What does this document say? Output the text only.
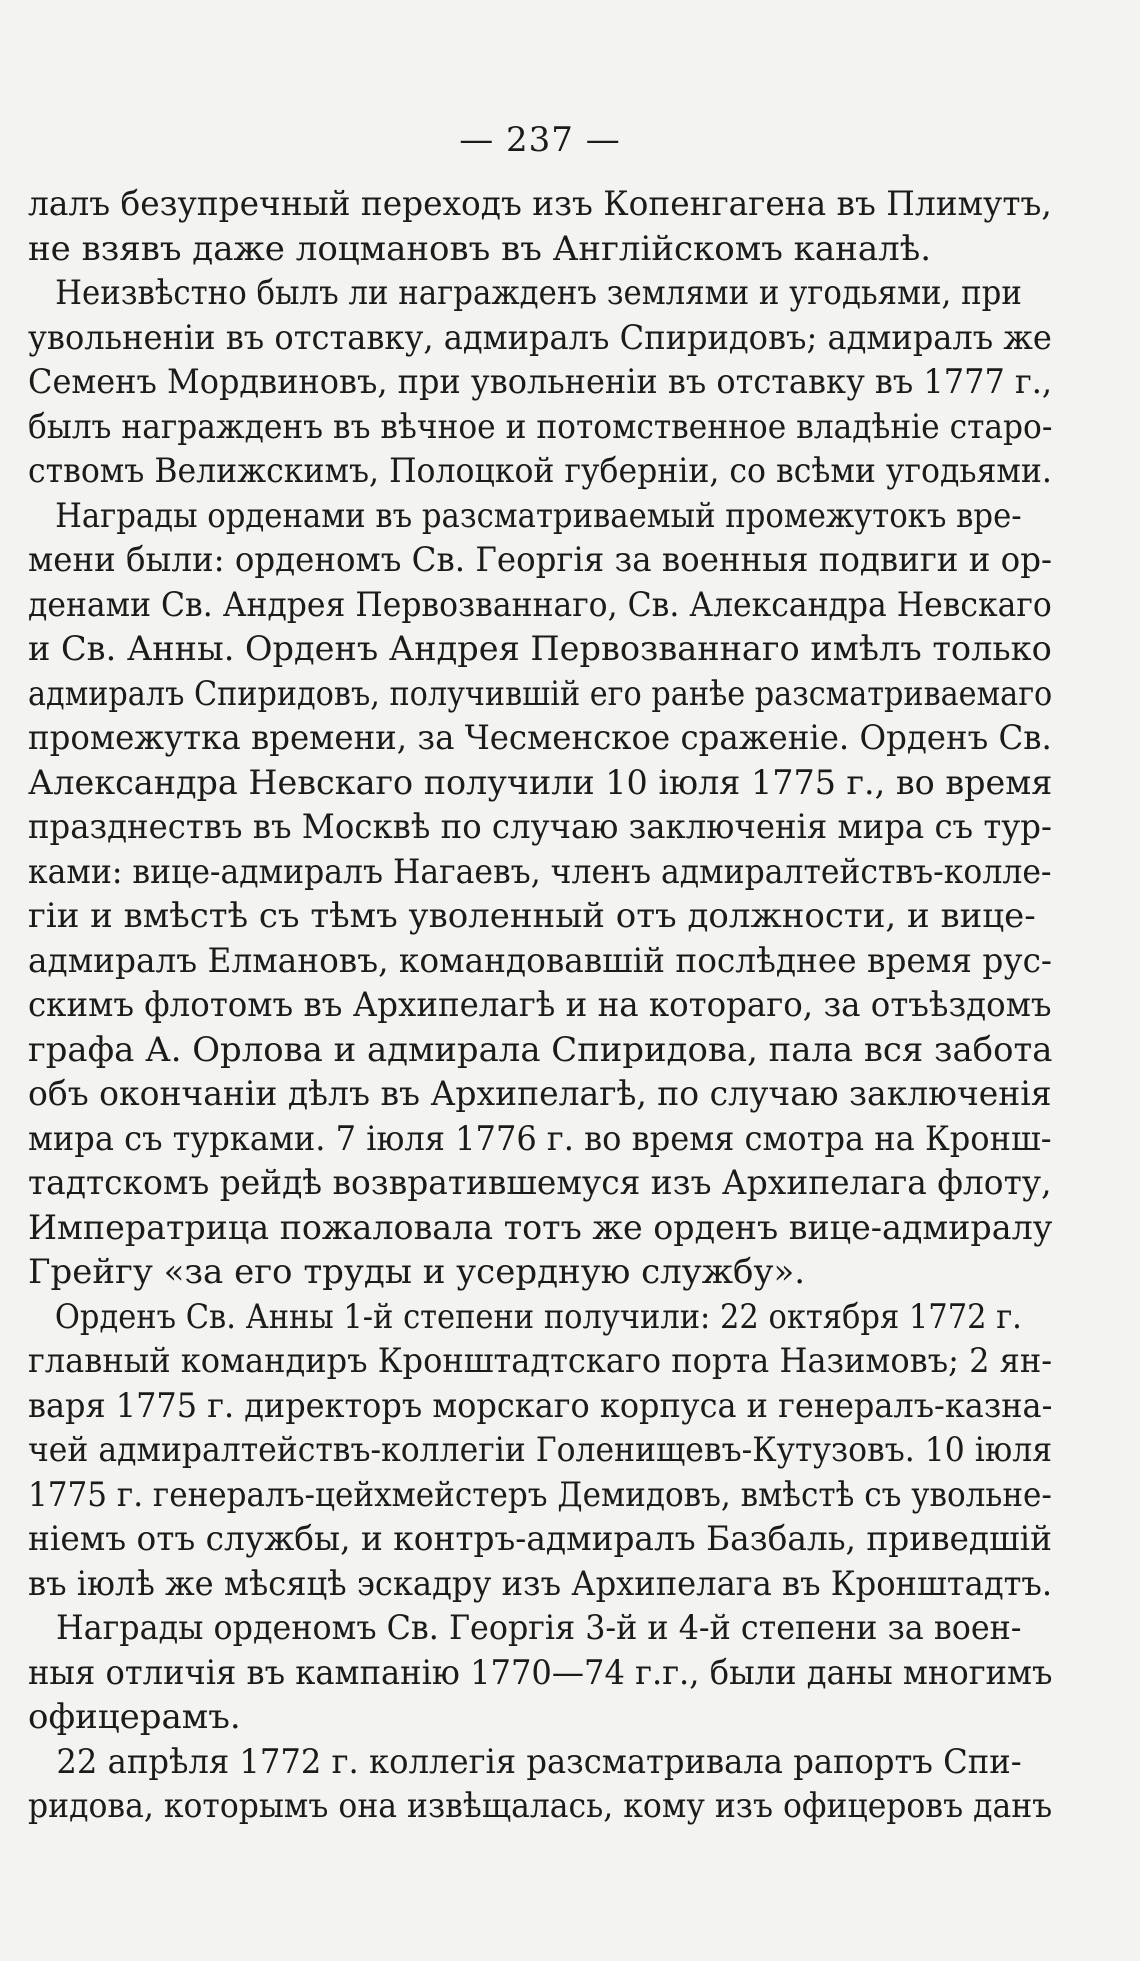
— 237 —
лалъ безупречный переходъ изъ Копенгагена въ Плимутъ,
не взявъ даже лоцмановъ въ Англійскомъ каналѣ.
Неизвѣстно былъ ли награжденъ землями и угодьями, при
увольненіи въ отставку, адмиралъ Спиридовъ; адмиралъ же
Семенъ Мордвиновъ, при увольненіи въ отставку въ 1777 г.,
былъ награжденъ въ вѣчное и потомственное владѣніе старо-
ствомъ Велижскимъ, Полоцкой губерніи, со всѣми угодьями.
Награды орденами въ разсматриваемый промежутокъ вре-
мени были: орденомъ Св. Георгія за военныя подвиги и ор-
денами Св. Андрея Первозваннаго, Св. Александра Невскаго
и Св. Анны. Орденъ Андрея Первозваннаго имѣлъ только
адмиралъ Спиридовъ, получившій его ранѣе разсматриваемаго
промежутка времени, за Чесменское сраженіе. Орденъ Св.
Александра Невскаго получили 10 іюля 1775 г., во время
празднествъ въ Москвѣ по случаю заключенія мира съ тур-
ками: вице-адмиралъ Нагаевъ, членъ адмиралтействъ-колле-
гіи и вмѣстѣ съ тѣмъ уволенный отъ должности, и вице-
адмиралъ Елмановъ, командовавшій послѣднее время рус-
скимъ флотомъ въ Архипелагѣ и на котораго, за отъѣздомъ
графа А. Орлова и адмирала Спиридова, пала вся забота
объ окончаніи дѣлъ въ Архипелагѣ, по случаю заключенія
мира съ турками. 7 іюля 1776 г. во время смотра на Кронш-
тадтскомъ рейдѣ возвратившемуся изъ Архипелага флоту,
Императрица пожаловала тотъ же орденъ вице-адмиралу
Грейгу «за его труды и усердную службу».
Орденъ Св. Анны 1-й степени получили: 22 октября 1772 г.
главный командиръ Кронштадтскаго порта Назимовъ; 2 ян-
варя 1775 г. директоръ морскаго корпуса и генералъ-казна-
чей адмиралтействъ-коллегіи Голенищевъ-Кутузовъ. 10 іюля
1775 г. генералъ-цейхмейстеръ Демидовъ, вмѣстѣ съ увольне-
ніемъ отъ службы, и контръ-адмиралъ Базбаль, приведшій
въ іюлѣ же мѣсяцѣ эскадру изъ Архипелага въ Кронштадтъ.
Награды орденомъ Св. Георгія 3-й и 4-й степени за воен-
ныя отличія въ кампанію 1770—74 г.г., были даны многимъ
офицерамъ.
22 апрѣля 1772 г. коллегія разсматривала рапортъ Спи-
ридова, которымъ она извѣщалась, кому изъ офицеровъ данъ
